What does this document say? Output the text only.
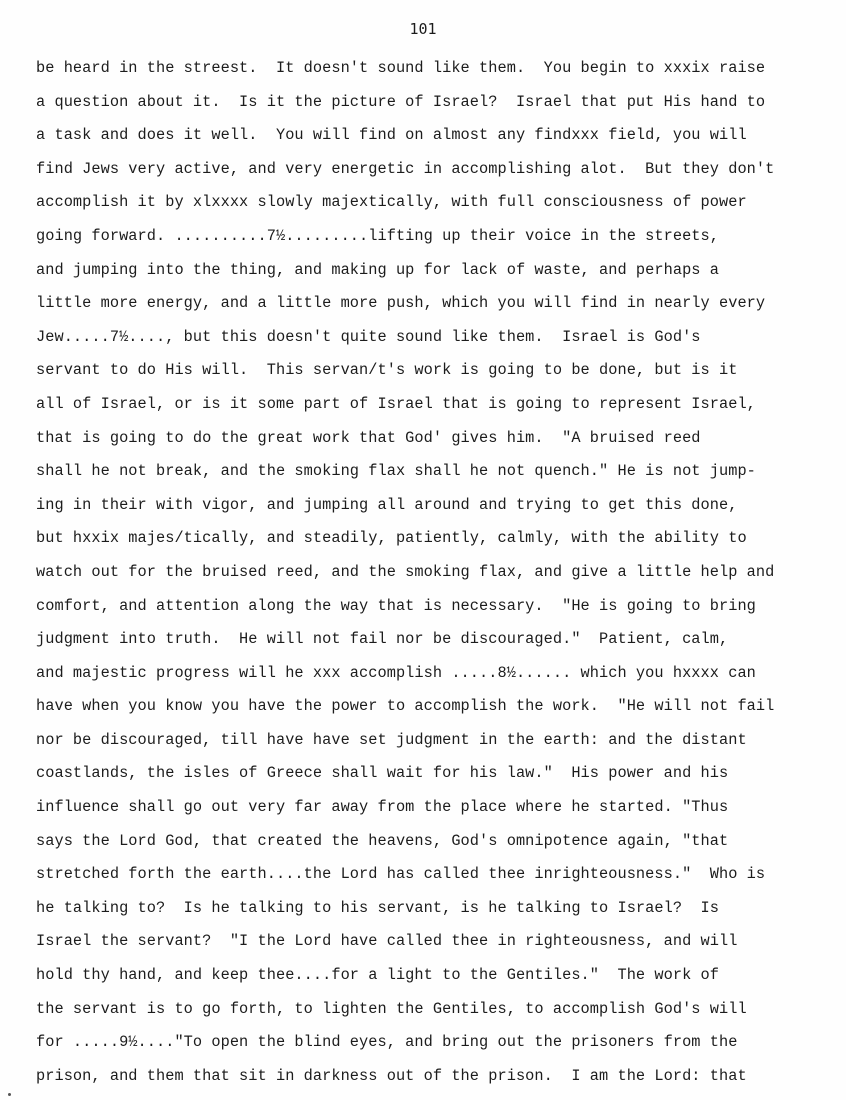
101
be heard in the streest.  It doesn't sound like them.  You begin to xxxix raise
a question about it.  Is it the picture of Israel?  Israel that put His hand to
a task and does it well.  You will find on almost any findxxx field, you will
find Jews very active, and very energetic in accomplishing alot.  But they don't
accomplish it by xlxxxx slowly majextically, with full consciousness of power
going forward. ..........7½.........lifting up their voice in the streets,
and jumping into the thing, and making up for lack of waste, and perhaps a
little more energy, and a little more push, which you will find in nearly every
Jew.....7½...., but this doesn't quite sound like them.  Israel is God's
servant to do His will.  This servan/t's work is going to be done, but is it
all of Israel, or is it some part of Israel that is going to represent Israel,
that is going to do the great work that God' gives him.  "A bruised reed
shall he not break, and the smoking flax shall he not quench." He is not jump-
ing in their with vigor, and jumping all around and trying to get this done,
but hxxix majes/tically, and steadily, patiently, calmly, with the ability to
watch out for the bruised reed, and the smoking flax, and give a little help and
comfort, and attention along the way that is necessary.  "He is going to bring
judgment into truth.  He will not fail nor be discouraged."  Patient, calm,
and majestic progress will he xxx accomplish .....8½...... which you hxxxx can
have when you know you have the power to accomplish the work.  "He will not fail
nor be discouraged, till have have set judgment in the earth: and the distant
coastlands, the isles of Greece shall wait for his law."  His power and his
influence shall go out very far away from the place where he started. "Thus
says the Lord God, that created the heavens, God's omnipotence again, "that
stretched forth the earth....the Lord has called thee inrighteousness."  Who is
he talking to?  Is he talking to his servant, is he talking to Israel?  Is
Israel the servant?  "I the Lord have called thee in righteousness, and will
hold thy hand, and keep thee....for a light to the Gentiles."  The work of
the servant is to go forth, to lighten the Gentiles, to accomplish God's will
for .....9½...."To open the blind eyes, and bring out the prisoners from the
prison, and them that sit in darkness out of the prison.  I am the Lord: that
